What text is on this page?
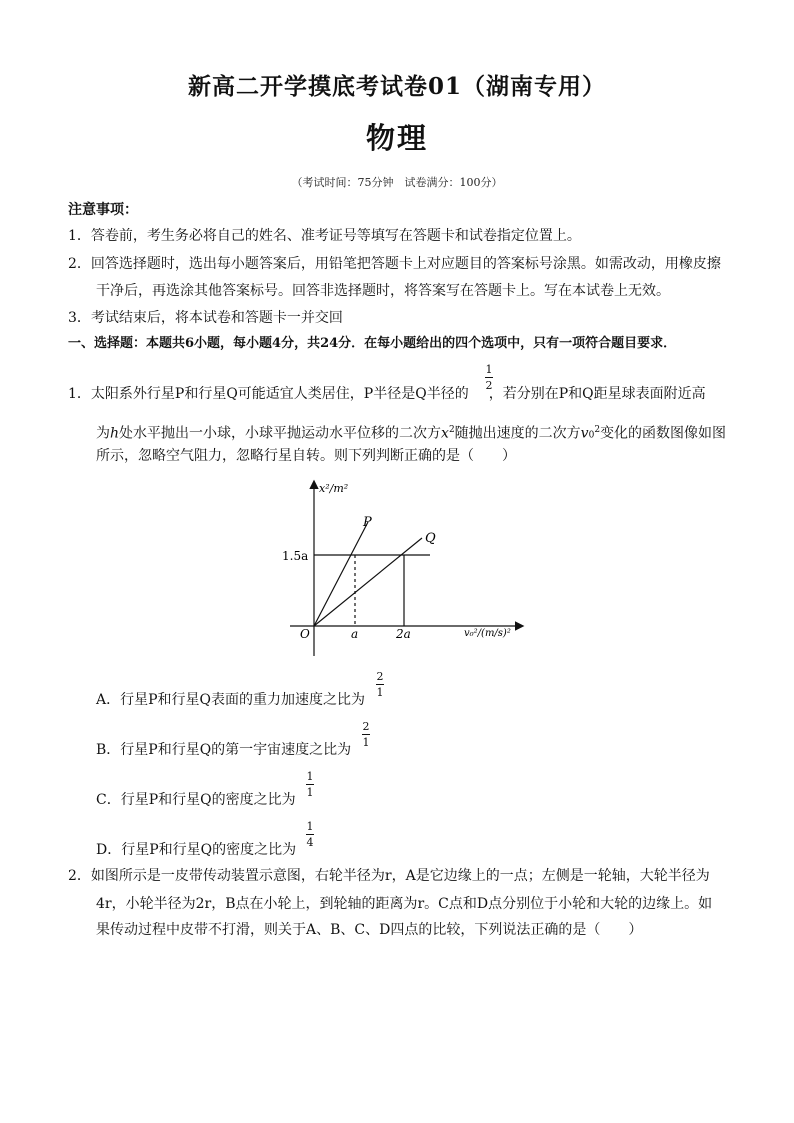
新高二开学摸底考试卷01（湖南专用）
物理
（考试时间：75分钟　试卷满分：100分）
注意事项：
1．答卷前，考生务必将自己的姓名、准考证号等填写在答题卡和试卷指定位置上。
2．回答选择题时，选出每小题答案后，用铅笔把答题卡上对应题目的答案标号涂黑。如需改动，用橡皮擦
干净后，再选涂其他答案标号。回答非选择题时，将答案写在答题卡上。写在本试卷上无效。
3．考试结束后，将本试卷和答题卡一并交回
一、选择题：本题共6小题，每小题4分，共24分．在每小题给出的四个选项中，只有一项符合题目要求．
1．太阳系外行星P和行星Q可能适宜人类居住，P半径是Q半径的 ，若分别在P和Q距星球表面附近高
1
2
为h处水平抛出一小球，小球平抛运动水平位移的二次方$x^2$随抛出速度的二次方$v0^2$变化的函数图像如图
所示，忽略空气阻力，忽略行星自转。则下列判断正确的是（　　）
x²/m²
v₀²/(m/s)²
O	a	2a
1.5a
P
Q
A．行星P和行星Q表面的重力加速度之比为
2
1
B．行星P和行星Q的第一宇宙速度之比为
2
1
C．行星P和行星Q的密度之比为
1
1
D．行星P和行星Q的密度之比为
1
4
2．如图所示是一皮带传动装置示意图，右轮半径为r，A是它边缘上的一点；左侧是一轮轴，大轮半径为
4r，小轮半径为2r，B点在小轮上，到轮轴的距离为r。C点和D点分别位于小轮和大轮的边缘上。如
果传动过程中皮带不打滑，则关于A、B、C、D四点的比较，下列说法正确的是（　　）
